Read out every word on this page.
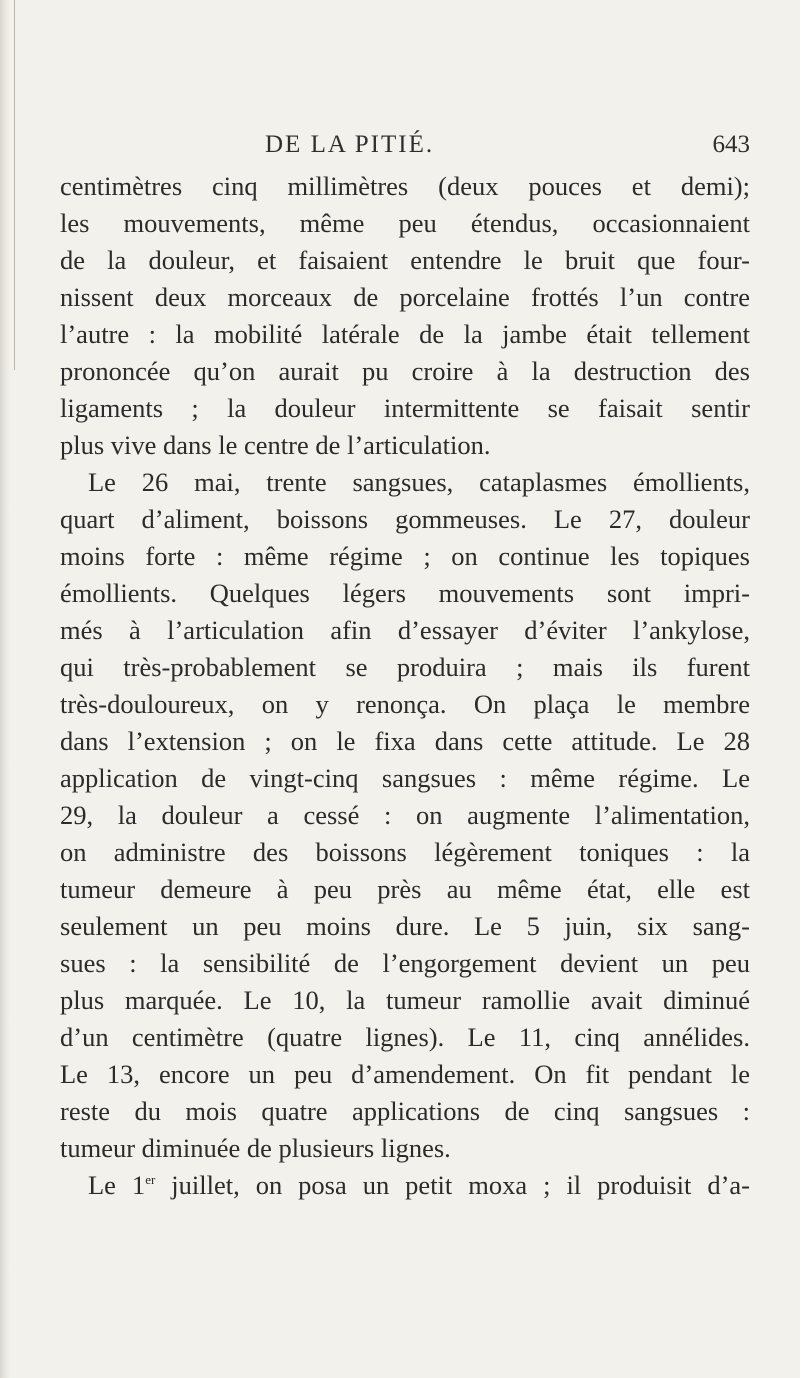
DE LA PITIÉ.	643
centimètres cinq millimètres (deux pouces et demi);
les mouvements, même peu étendus, occasionnaient
de la douleur, et faisaient entendre le bruit que four-
nissent deux morceaux de porcelaine frottés l’un contre
l’autre : la mobilité latérale de la jambe était tellement
prononcée qu’on aurait pu croire à la destruction des
ligaments ; la douleur intermittente se faisait sentir
plus vive dans le centre de l’articulation.
Le 26 mai, trente sangsues, cataplasmes émollients,
quart d’aliment, boissons gommeuses. Le 27, douleur
moins forte : même régime ; on continue les topiques
émollients. Quelques légers mouvements sont impri-
més à l’articulation afin d’essayer d’éviter l’ankylose,
qui très-probablement se produira ; mais ils furent
très-douloureux, on y renonça. On plaça le membre
dans l’extension ; on le fixa dans cette attitude. Le 28
application de vingt-cinq sangsues : même régime. Le
29, la douleur a cessé : on augmente l’alimentation,
on administre des boissons légèrement toniques : la
tumeur demeure à peu près au même état, elle est
seulement un peu moins dure. Le 5 juin, six sang-
sues : la sensibilité de l’engorgement devient un peu
plus marquée. Le 10, la tumeur ramollie avait diminué
d’un centimètre (quatre lignes). Le 11, cinq annélides.
Le 13, encore un peu d’amendement. On fit pendant le
reste du mois quatre applications de cinq sangsues :
tumeur diminuée de plusieurs lignes.
Le 1er juillet, on posa un petit moxa ; il produisit d’a-
